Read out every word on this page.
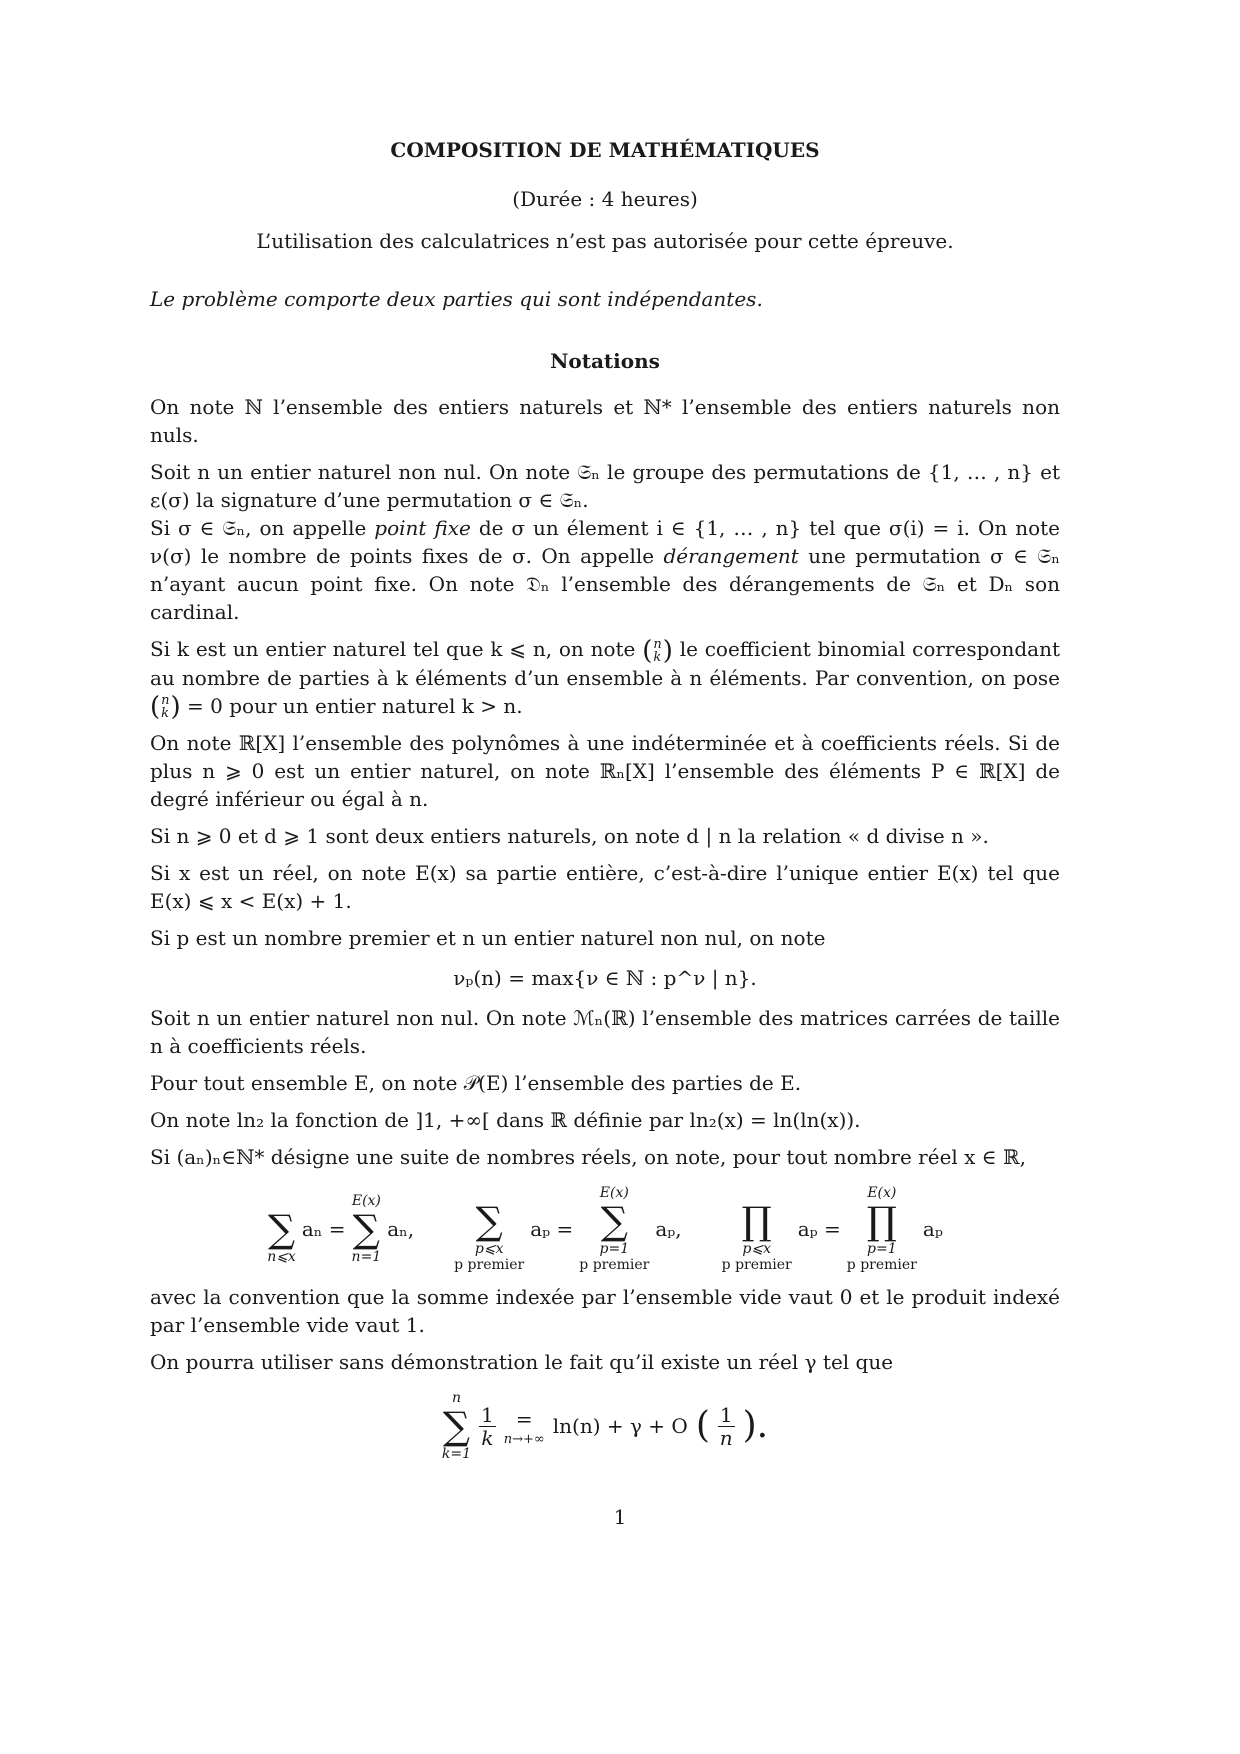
COMPOSITION DE MATHÉMATIQUES

(Durée : 4 heures)

L’utilisation des calculatrices n’est pas autorisée pour cette épreuve.

Le problème comporte deux parties qui sont indépendantes.

Notations

On note ℕ l’ensemble des entiers naturels et ℕ* l’ensemble des entiers naturels non nuls.

Soit n un entier naturel non nul. On note 𝔖ₙ le groupe des permutations de {1, … , n} et ε(σ) la signature d’une permutation σ ∈ 𝔖ₙ.

Si σ ∈ 𝔖ₙ, on appelle point fixe de σ un élement i ∈ {1, … , n} tel que σ(i) = i. On note ν(σ) le nombre de points fixes de σ. On appelle dérangement une permutation σ ∈ 𝔖ₙ n’ayant aucun point fixe. On note 𝔇ₙ l’ensemble des dérangements de 𝔖ₙ et Dₙ son cardinal.

Si k est un entier naturel tel que k ⩽ n, on note ( n
k ) le coefficient binomial correspondant au nombre de parties à k éléments d’un ensemble à n éléments. Par convention, on pose
( n
k ) = 0 pour un entier naturel k > n.

On note ℝ[X] l’ensemble des polynômes à une indéterminée et à coefficients réels. Si de plus n ⩾ 0 est un entier naturel, on note ℝₙ[X] l’ensemble des éléments P ∈ ℝ[X] de degré inférieur ou égal à n.

Si n ⩾ 0 et d ⩾ 1 sont deux entiers naturels, on note d | n la relation « d divise n ».

Si x est un réel, on note E(x) sa partie entière, c’est-à-dire l’unique entier E(x) tel que E(x) ⩽ x < E(x) + 1.

Si p est un nombre premier et n un entier naturel non nul, on note

νₚ(n) = max{ν ∈ ℕ : p^ν | n}.

Soit n un entier naturel non nul. On note ℳₙ(ℝ) l’ensemble des matrices carrées de taille n à coefficients réels.

Pour tout ensemble E, on note 𝒫(E) l’ensemble des parties de E.

On note ln₂ la fonction de ]1, +∞[ dans ℝ définie par ln₂(x) = ln(ln(x)).

Si (aₙ)ₙ∈ℕ* désigne une suite de nombres réels, on note, pour tout nombre réel x ∈ ℝ,

∑
n⩽x
aₙ =
E(x)
∑
n=1
aₙ,
∑
p⩽x
p premier
aₚ =
E(x)
∑
p=1
p premier
aₚ,
∏
p⩽x
p premier
aₚ =
E(x)
∏
p=1
p premier
aₚ

avec la convention que la somme indexée par l’ensemble vide vaut 0 et le produit indexé par l’ensemble vide vaut 1.

On pourra utiliser sans démonstration le fait qu’il existe un réel γ tel que

n
∑
k=1
$\frac{1}{k}$ =
n→+∞
ln(n) + γ + O ( $\frac{1}{n}$ ).
1
